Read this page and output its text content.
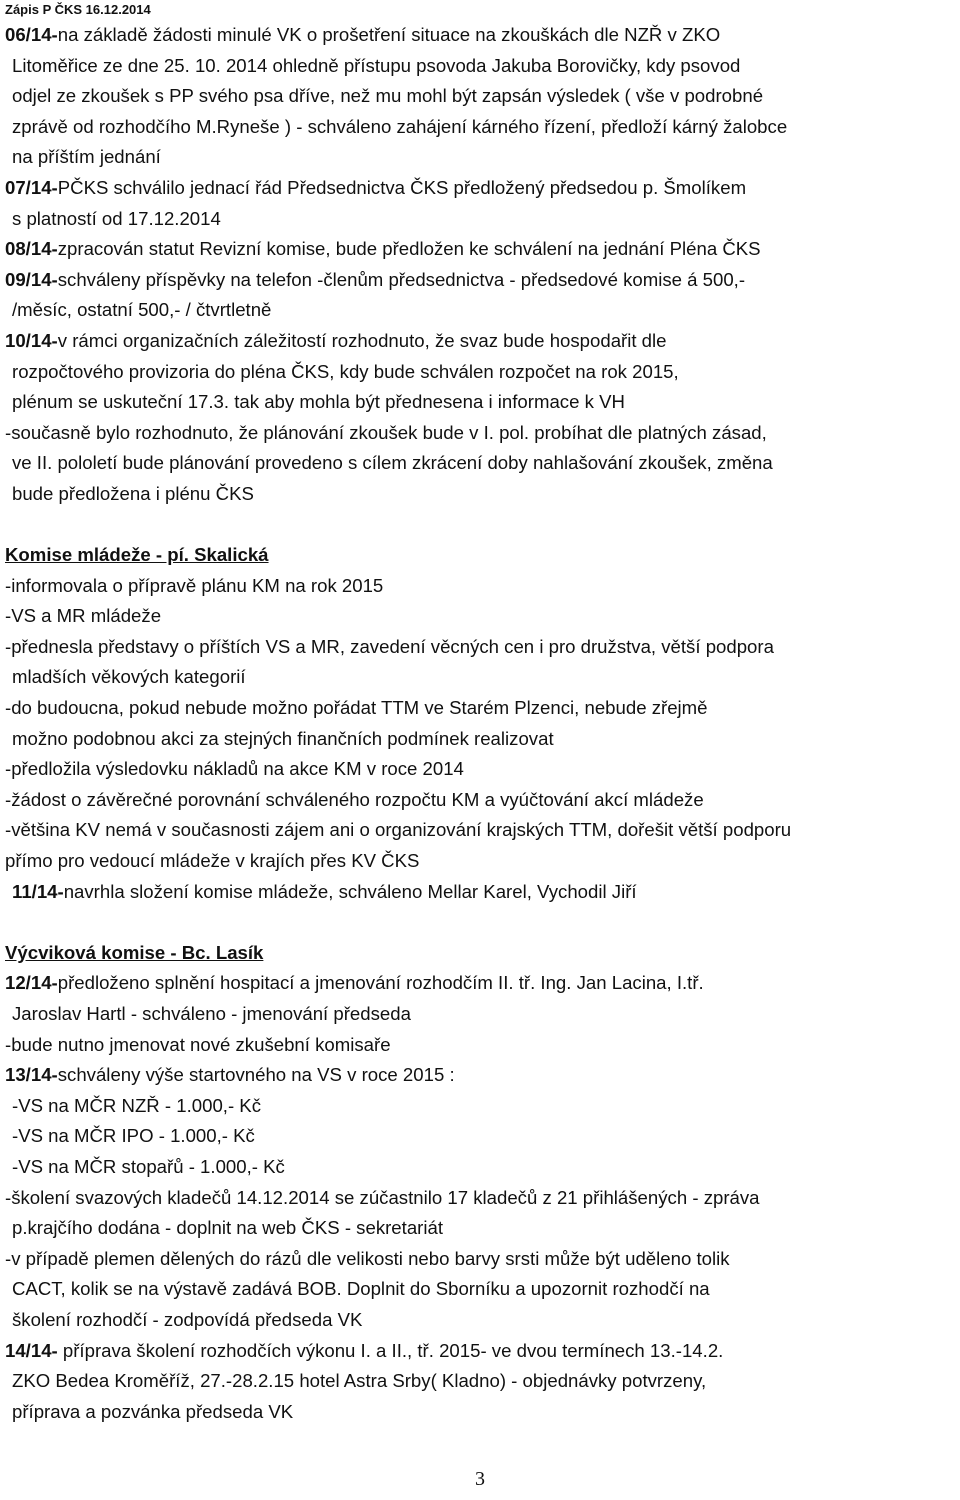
Zápis P ČKS 16.12.2014
06/14-na základě žádosti minulé VK o prošetření situace na zkouškách dle NZŘ v ZKO
Litoměřice ze dne 25. 10. 2014 ohledně přístupu psovoda Jakuba Borovičky, kdy psovod
odjel ze zkoušek s PP svého psa dříve, než mu mohl být zapsán výsledek ( vše v podrobné
zprávě od rozhodčího M.Ryneše ) - schváleno zahájení kárného řízení, předloží kárný žalobce
na příštím jednání
07/14-PČKS schválilo jednací řád Předsednictva ČKS předložený předsedou p. Šmolíkem
s platností od 17.12.2014
08/14-zpracován statut Revizní komise, bude předložen ke schválení na jednání Pléna ČKS
09/14-schváleny příspěvky na telefon -členům předsednictva - předsedové komise á 500,-
/měsíc, ostatní 500,- / čtvrtletně
10/14-v rámci organizačních záležitostí rozhodnuto, že svaz bude hospodařit dle
rozpočtového provizoria do pléna ČKS, kdy bude schválen rozpočet na rok 2015,
plénum se uskuteční 17.3. tak aby mohla být přednesena i informace k VH
-současně bylo rozhodnuto, že plánování zkoušek bude v I. pol. probíhat dle platných zásad,
ve II. pololetí bude plánování provedeno s cílem zkrácení doby nahlašování zkoušek, změna
bude předložena i plénu ČKS
Komise mládeže - pí. Skalická
-informovala o přípravě plánu KM na rok 2015
-VS a MR mládeže
-přednesla představy o příštích VS a MR, zavedení věcných cen i pro družstva, větší podpora
mladších věkových kategorií
-do budoucna, pokud nebude možno pořádat TTM ve Starém Plzenci, nebude zřejmě
možno podobnou akci za stejných finančních podmínek realizovat
-předložila výsledovku nákladů na akce KM v roce 2014
-žádost o závěrečné porovnání schváleného rozpočtu KM a vyúčtování akcí mládeže
-většina KV nemá v současnosti zájem ani o organizování krajských TTM, dořešit větší podporu
přímo pro vedoucí mládeže v krajích přes KV ČKS
11/14-navrhla složení komise mládeže, schváleno Mellar Karel, Vychodil Jiří
Výcviková komise - Bc. Lasík
12/14-předloženo splnění hospitací a jmenování rozhodčím II. tř. Ing. Jan Lacina, I.tř.
Jaroslav Hartl - schváleno - jmenování předseda
-bude nutno jmenovat nové zkušební komisaře
13/14-schváleny výše startovného na VS v roce 2015 :
-VS na MČR NZŘ - 1.000,- Kč
-VS na MČR IPO - 1.000,- Kč
-VS na MČR stopařů - 1.000,- Kč
-školení svazových kladečů 14.12.2014 se zúčastnilo 17 kladečů z 21 přihlášených - zpráva
p.krajčího dodána - doplnit na web ČKS - sekretariát
-v případě plemen dělených do rázů dle velikosti nebo barvy srsti může být uděleno tolik
CACT, kolik se na výstavě zadává BOB. Doplnit do Sborníku a upozornit rozhodčí na
školení rozhodčí - zodpovídá předseda VK
14/14- příprava školení rozhodčích výkonu I. a II., tř. 2015- ve dvou termínech 13.-14.2.
ZKO Bedea Kroměříž, 27.-28.2.15 hotel Astra Srby( Kladno) - objednávky potvrzeny,
příprava a pozvánka předseda VK
3
